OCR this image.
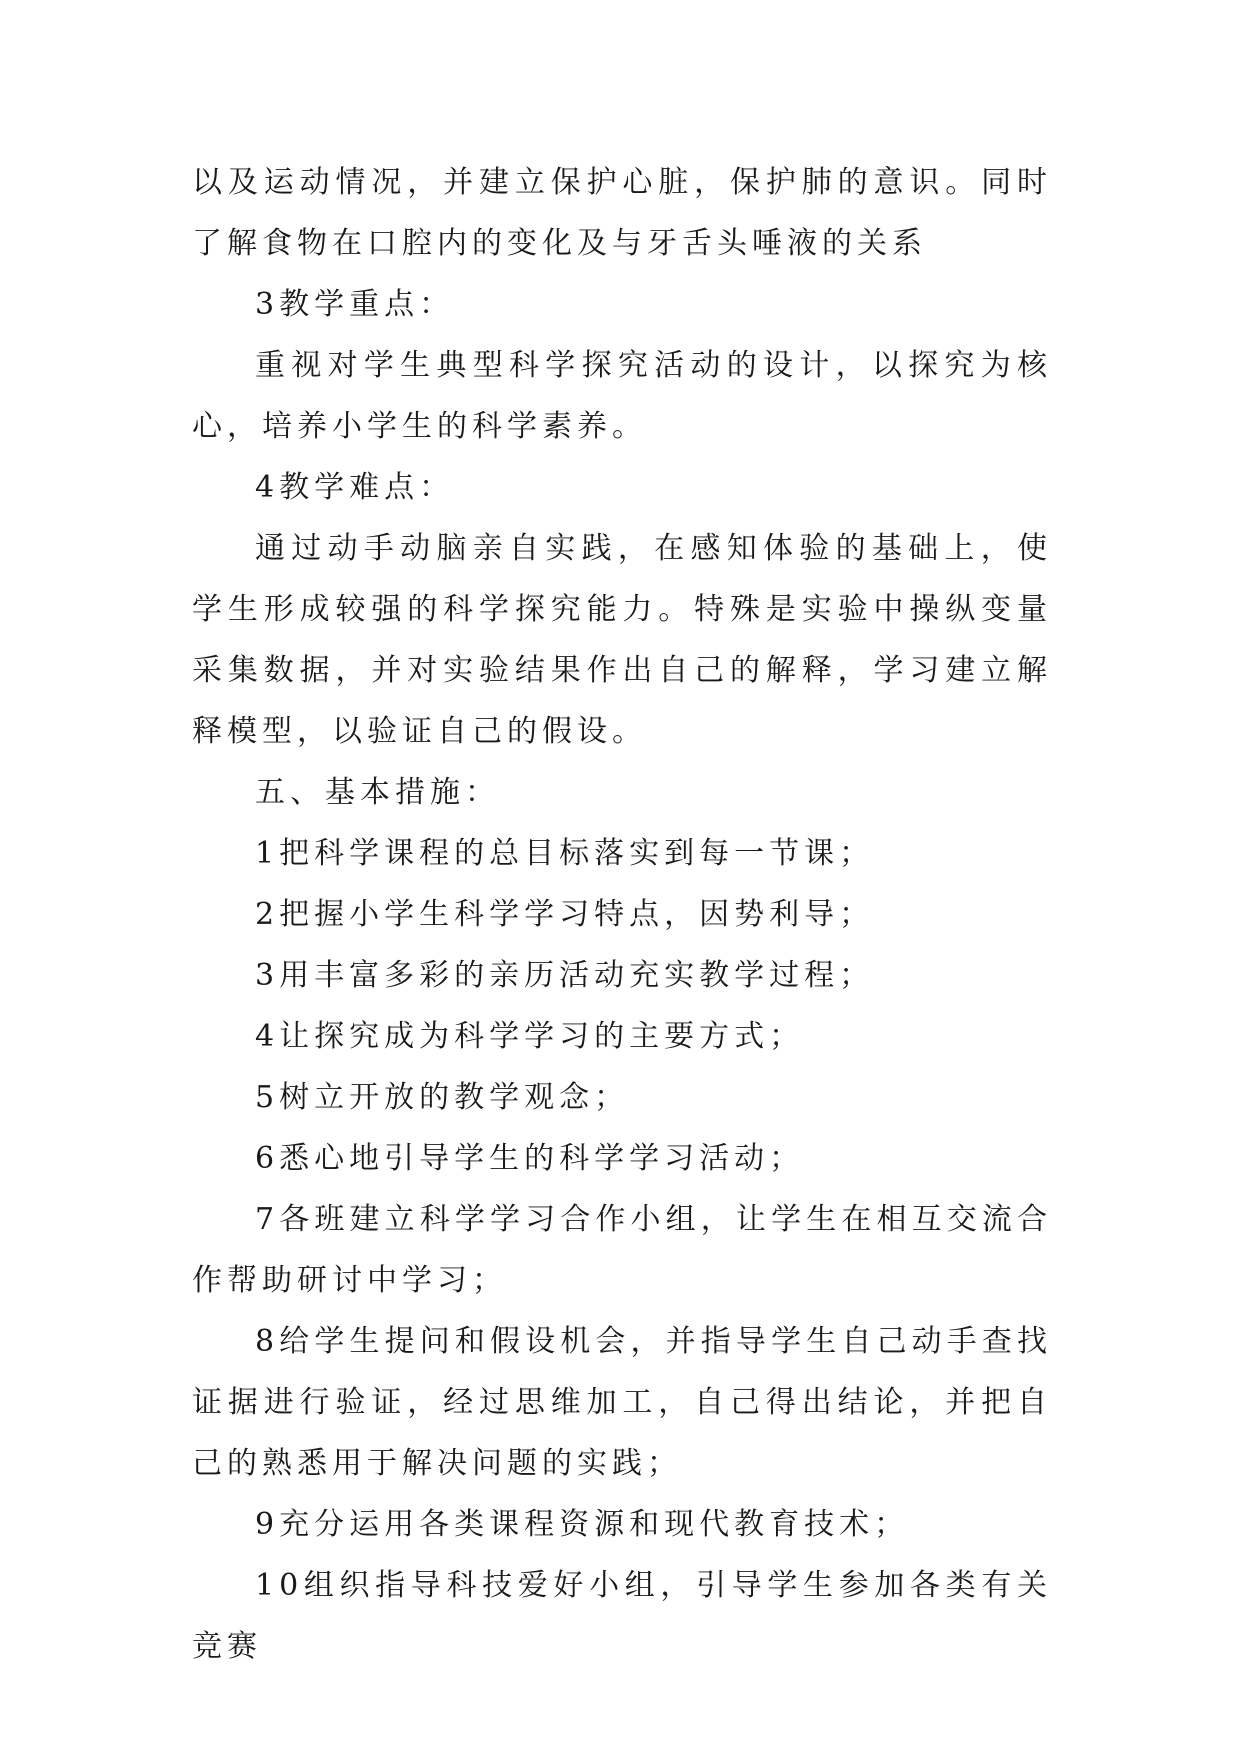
以及运动情况，并建立保护心脏，保护肺的意识。同时了解食物在口腔内的变化及与牙舌头唾液的关系

3教学重点：

重视对学生典型科学探究活动的设计，以探究为核心，培养小学生的科学素养。

4教学难点：

通过动手动脑亲自实践，在感知体验的基础上，使学生形成较强的科学探究能力。特殊是实验中操纵变量采集数据，并对实验结果作出自己的解释，学习建立解释模型，以验证自己的假设。

五、基本措施：

1把科学课程的总目标落实到每一节课；

2把握小学生科学学习特点，因势利导；

3用丰富多彩的亲历活动充实教学过程；

4让探究成为科学学习的主要方式；

5树立开放的教学观念；

6悉心地引导学生的科学学习活动；

7各班建立科学学习合作小组，让学生在相互交流合作帮助研讨中学习；

8给学生提问和假设机会，并指导学生自己动手查找证据进行验证，经过思维加工，自己得出结论，并把自己的熟悉用于解决问题的实践；

9充分运用各类课程资源和现代教育技术；

10组织指导科技爱好小组，引导学生参加各类有关竞赛
